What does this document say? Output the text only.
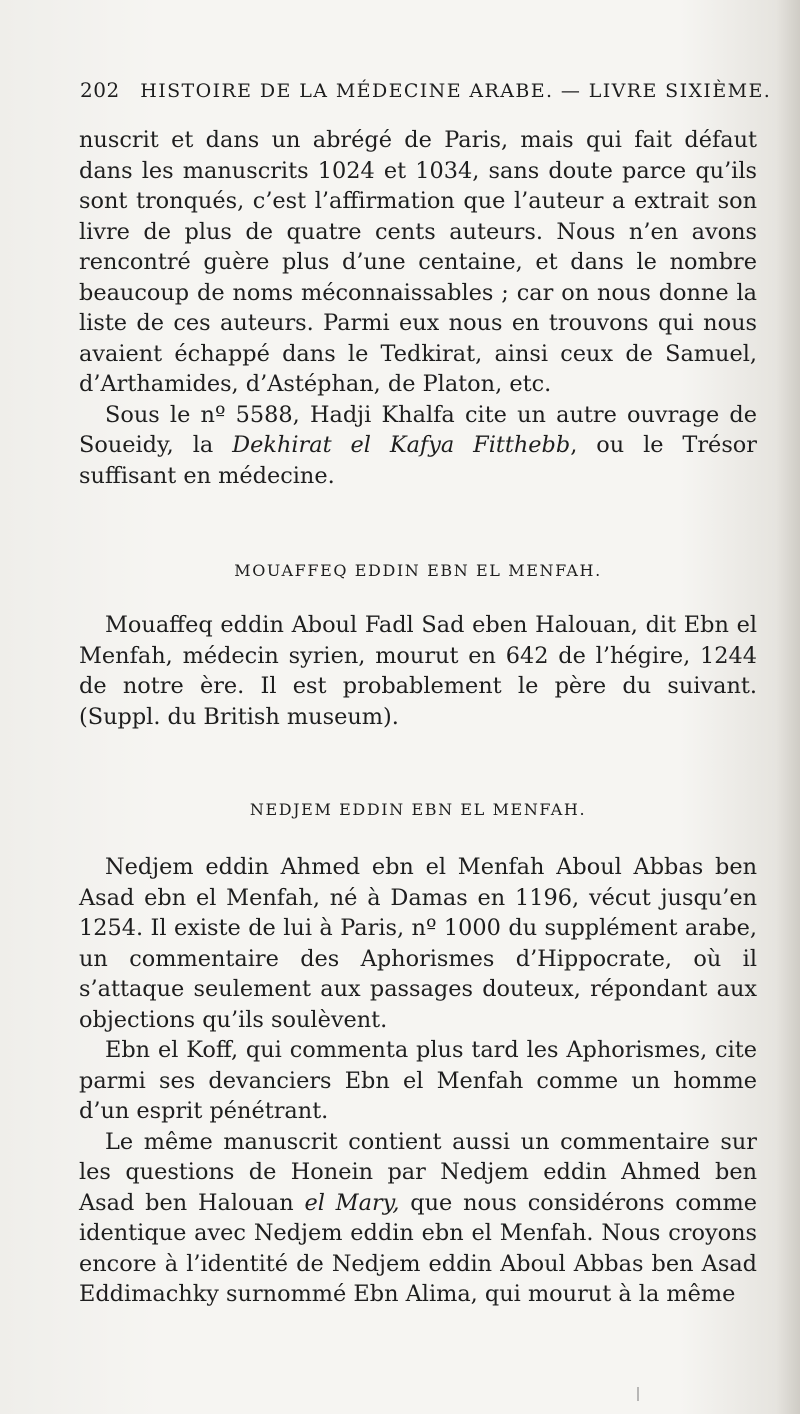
202 HISTOIRE DE LA MÉDECINE ARABE. — LIVRE SIXIÈME.

nuscrit et dans un abrégé de Paris, mais qui fait défaut dans les manuscrits 1024 et 1034, sans doute parce qu’ils sont tronqués, c’est l’affirmation que l’auteur a extrait son livre de plus de quatre cents auteurs. Nous n’en avons rencontré guère plus d’une centaine, et dans le nombre beaucoup de noms méconnaissables ; car on nous donne la liste de ces auteurs. Parmi eux nous en trouvons qui nous avaient échappé dans le Tedkirat, ainsi ceux de Samuel, d’Arthamides, d’Astéphan, de Platon, etc.

Sous le nº 5588, Hadji Khalfa cite un autre ouvrage de Soueidy, la Dekhirat el Kafya Fitthebb, ou le Trésor suffisant en médecine.

MOUAFFEQ EDDIN EBN EL MENFAH.

Mouaffeq eddin Aboul Fadl Sad eben Halouan, dit Ebn el Menfah, médecin syrien, mourut en 642 de l’hégire, 1244 de notre ère. Il est probablement le père du suivant. (Suppl. du British museum).

NEDJEM EDDIN EBN EL MENFAH.

Nedjem eddin Ahmed ebn el Menfah Aboul Abbas ben Asad ebn el Menfah, né à Damas en 1196, vécut jusqu’en 1254. Il existe de lui à Paris, nº 1000 du supplément arabe, un commentaire des Aphorismes d’Hippocrate, où il s’attaque seulement aux passages douteux, répondant aux objections qu’ils soulèvent.

Ebn el Koff, qui commenta plus tard les Aphorismes, cite parmi ses devanciers Ebn el Menfah comme un homme d’un esprit pénétrant.

Le même manuscrit contient aussi un commentaire sur les questions de Honein par Nedjem eddin Ahmed ben Asad ben Halouan el Mary, que nous considérons comme identique avec Nedjem eddin ebn el Menfah. Nous croyons encore à l’identité de Nedjem eddin Aboul Abbas ben Asad Eddimachky surnommé Ebn Alima, qui mourut à la même
